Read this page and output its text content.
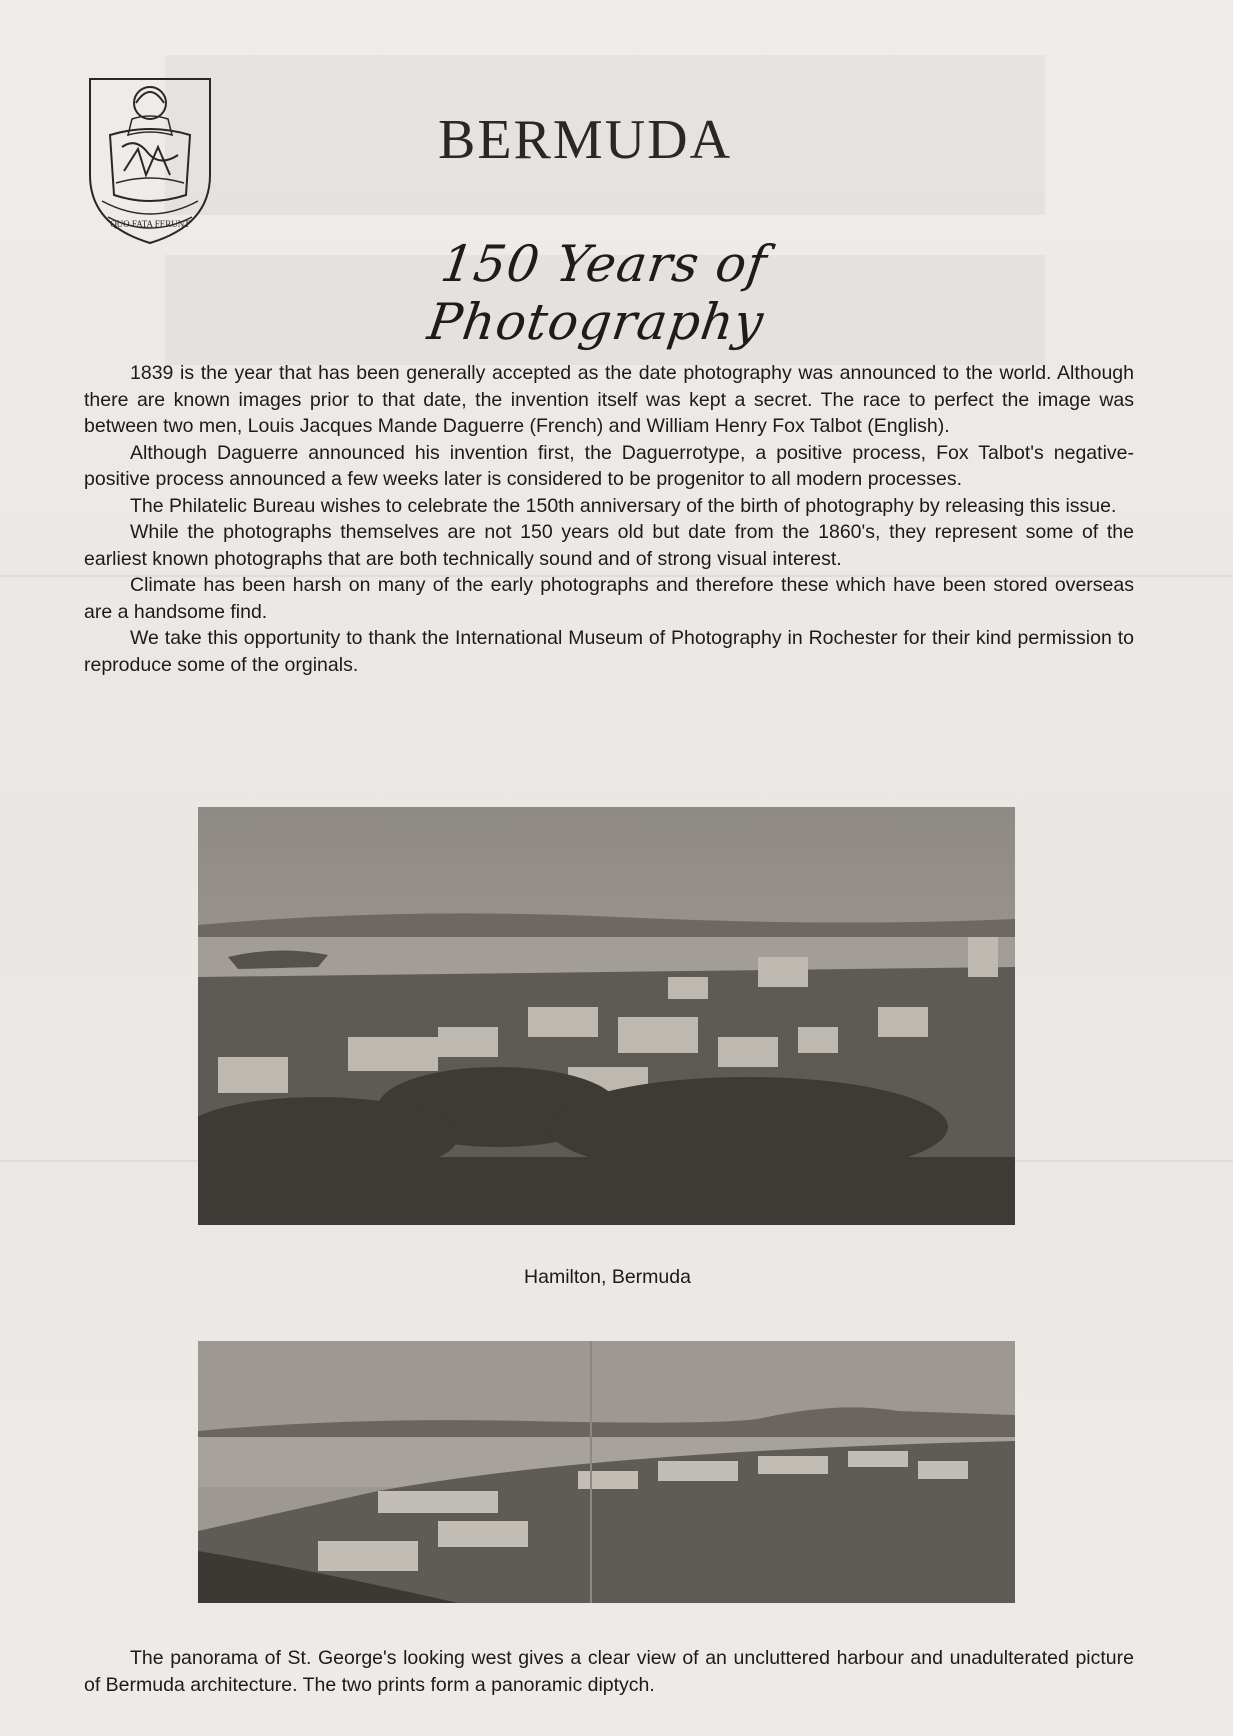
QUO FATA FERUNT
BERMUDA
150 Years of Photography

1839 is the year that has been generally accepted as the date photography was announced to the world. Although there are known images prior to that date, the invention itself was kept a secret. The race to perfect the image was between two men, Louis Jacques Mande Daguerre (French) and William Henry Fox Talbot (English).

Although Daguerre announced his invention first, the Daguerrotype, a positive process, Fox Talbot's negative-positive process announced a few weeks later is considered to be progenitor to all modern processes.

The Philatelic Bureau wishes to celebrate the 150th anniversary of the birth of photography by releasing this issue.

While the photographs themselves are not 150 years old but date from the 1860's, they represent some of the earliest known photographs that are both technically sound and of strong visual interest.

Climate has been harsh on many of the early photographs and therefore these which have been stored overseas are a handsome find.

We take this opportunity to thank the International Museum of Photography in Rochester for their kind permission to reproduce some of the orginals.

Hamilton, Bermuda

The panorama of St. George's looking west gives a clear view of an uncluttered harbour and unadulterated picture of Bermuda architecture. The two prints form a panoramic diptych.
